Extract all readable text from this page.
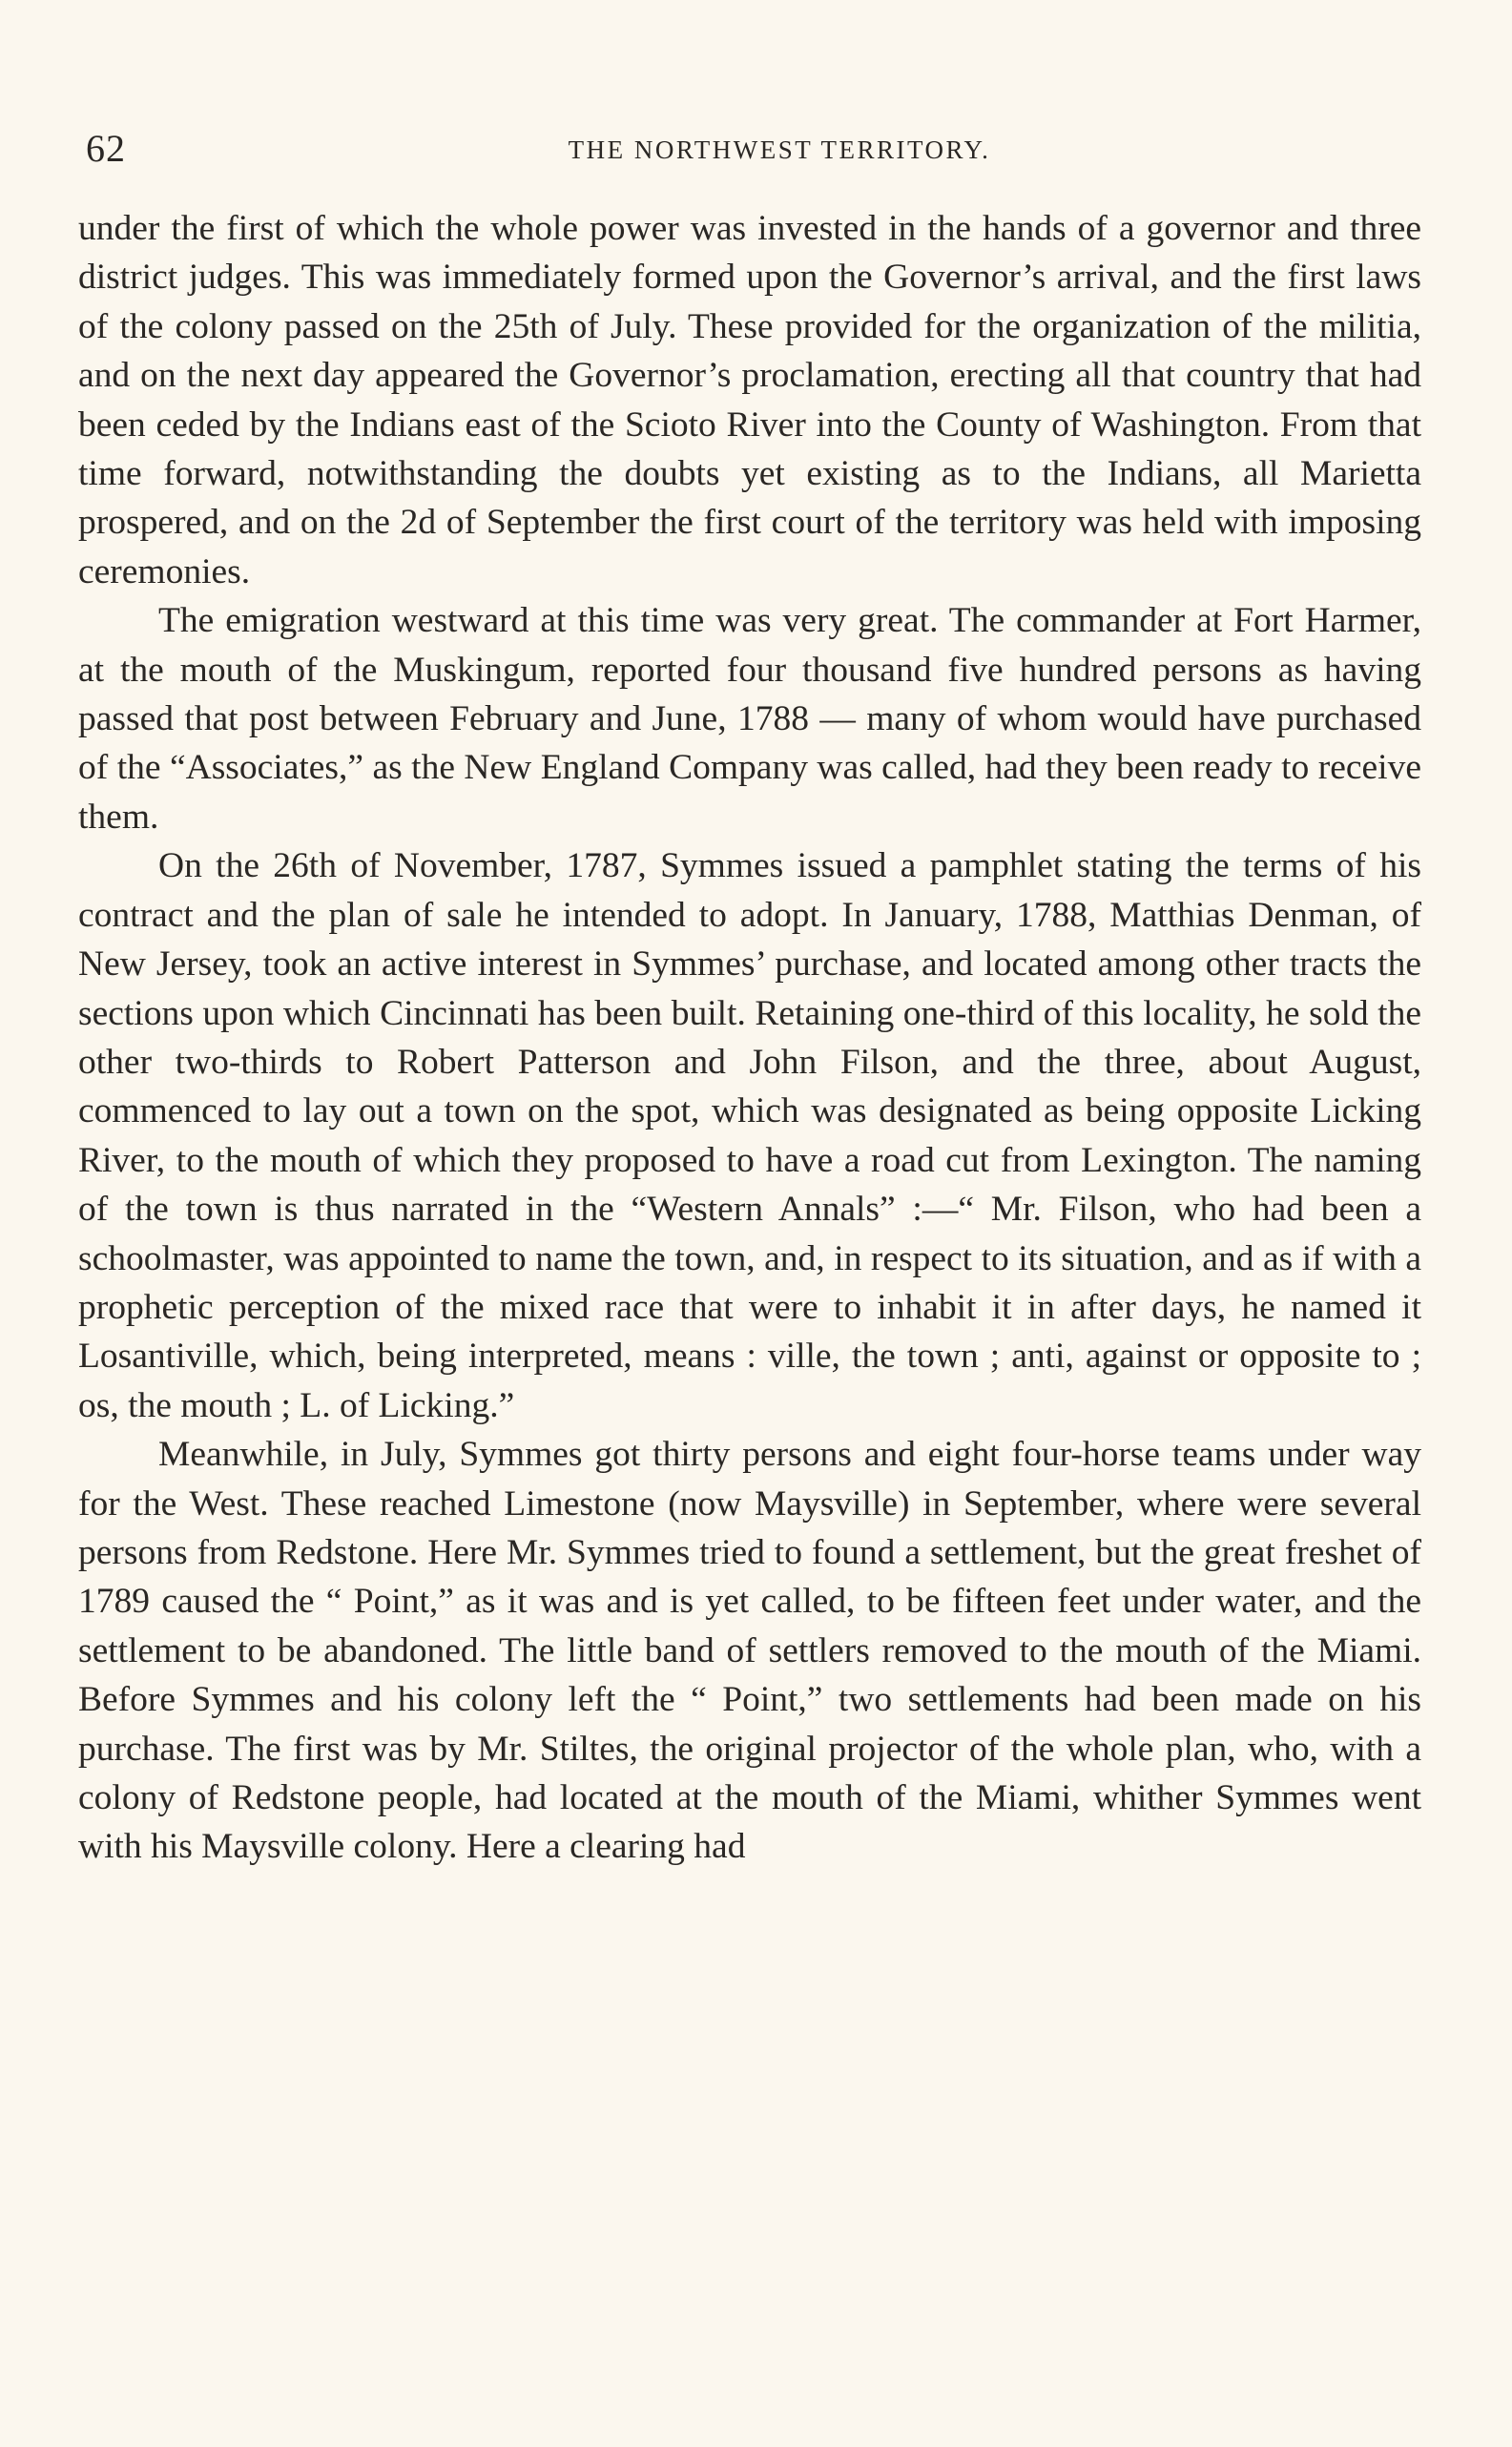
62	THE NORTHWEST TERRITORY.

under the first of which the whole power was invested in the hands of a governor and three district judges. This was immediately formed upon the Governor’s arrival, and the first laws of the colony passed on the 25th of July. These provided for the organization of the militia, and on the next day appeared the Governor’s proclamation, erecting all that country that had been ceded by the Indians east of the Scioto River into the County of Washington. From that time forward, notwithstanding the doubts yet existing as to the Indians, all Marietta prospered, and on the 2d of September the first court of the territory was held with imposing ceremonies.

The emigration westward at this time was very great. The commander at Fort Harmer, at the mouth of the Muskingum, reported four thousand five hundred persons as having passed that post between February and June, 1788 — many of whom would have purchased of the “Associates,” as the New England Company was called, had they been ready to receive them.

On the 26th of November, 1787, Symmes issued a pamphlet stating the terms of his contract and the plan of sale he intended to adopt. In January, 1788, Matthias Denman, of New Jersey, took an active interest in Symmes’ purchase, and located among other tracts the sections upon which Cincinnati has been built. Retaining one-third of this locality, he sold the other two-thirds to Robert Patterson and John Filson, and the three, about August, commenced to lay out a town on the spot, which was designated as being opposite Licking River, to the mouth of which they proposed to have a road cut from Lexington. The naming of the town is thus narrated in the “Western Annals” :—“ Mr. Filson, who had been a schoolmaster, was appointed to name the town, and, in respect to its situation, and as if with a prophetic perception of the mixed race that were to inhabit it in after days, he named it Losantiville, which, being interpreted, means : ville, the town ; anti, against or opposite to ; os, the mouth ; L. of Licking.”

Meanwhile, in July, Symmes got thirty persons and eight four-horse teams under way for the West. These reached Limestone (now Maysville) in September, where were several persons from Redstone. Here Mr. Symmes tried to found a settlement, but the great freshet of 1789 caused the “ Point,” as it was and is yet called, to be fifteen feet under water, and the settlement to be abandoned. The little band of settlers removed to the mouth of the Miami. Before Symmes and his colony left the “ Point,” two settlements had been made on his purchase. The first was by Mr. Stiltes, the original projector of the whole plan, who, with a colony of Redstone people, had located at the mouth of the Miami, whither Symmes went with his Maysville colony. Here a clearing had
